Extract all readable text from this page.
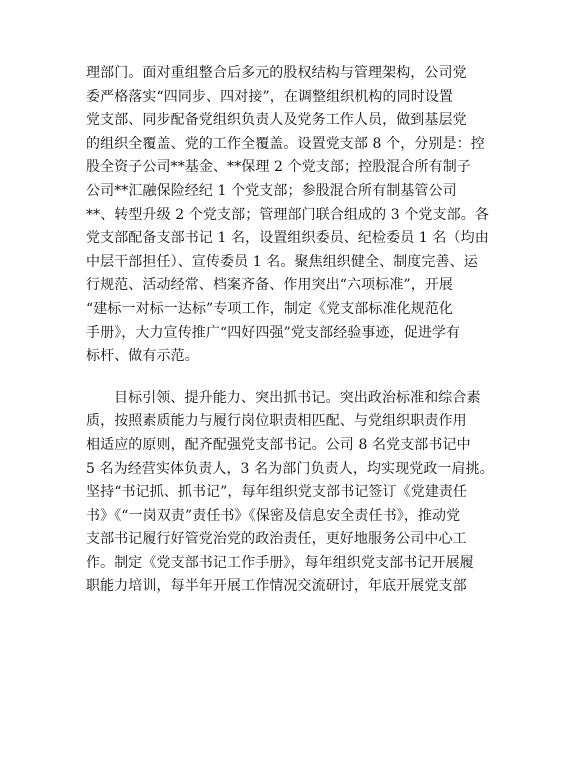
理部门。面对重组整合后多元的股权结构与管理架构，公司党
委严格落实“四同步、四对接”，在调整组织机构的同时设置
党支部、同步配备党组织负责人及党务工作人员，做到基层党
的组织全覆盖、党的工作全覆盖。设置党支部 8 个，分别是：控
股全资子公司**基金、**保理 2 个党支部；控股混合所有制子
公司**汇融保险经纪 1 个党支部；参股混合所有制基管公司
**、转型升级 2 个党支部；管理部门联合组成的 3 个党支部。各
党支部配备支部书记 1 名，设置组织委员、纪检委员 1 名（均由
中层干部担任）、宣传委员 1 名。聚焦组织健全、制度完善、运
行规范、活动经常、档案齐备、作用突出“六项标准”，开展
“建标一对标一达标”专项工作，制定《党支部标准化规范化
手册》，大力宣传推广“四好四强”党支部经验事迹，促进学有
标杆、做有示范。
目标引领、提升能力、突出抓书记。突出政治标准和综合素
质，按照素质能力与履行岗位职责相匹配、与党组织职责作用
相适应的原则，配齐配强党支部书记。公司 8 名党支部书记中
5 名为经营实体负责人，3 名为部门负责人，均实现党政一肩挑。
坚持“书记抓、抓书记”，每年组织党支部书记签订《党建责任
书》《“一岗双责”责任书》《保密及信息安全责任书》，推动党
支部书记履行好管党治党的政治责任，更好地服务公司中心工
作。制定《党支部书记工作手册》，每年组织党支部书记开展履
职能力培训，每半年开展工作情况交流研讨，年底开展党支部
